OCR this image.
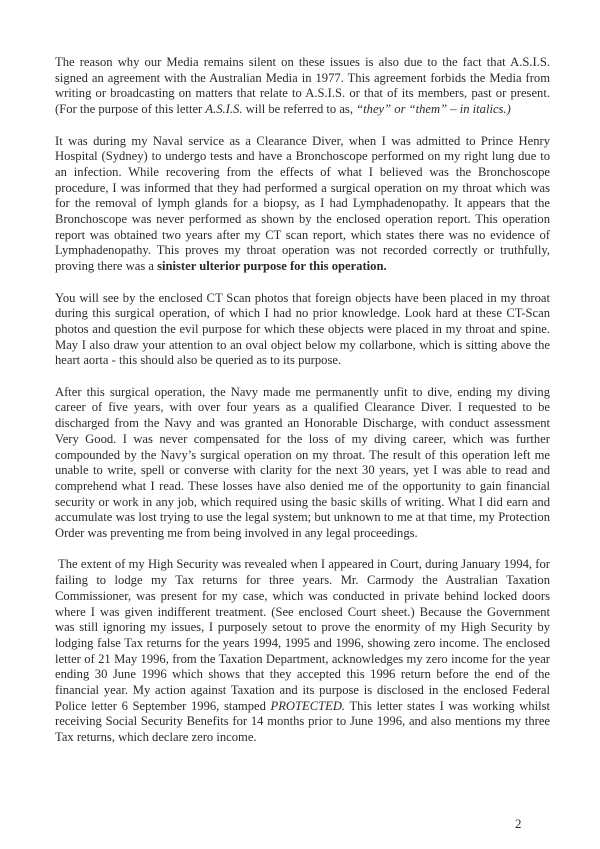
The reason why our Media remains silent on these issues is also due to the fact that A.S.I.S. signed an agreement with the Australian Media in 1977. This agreement forbids the Media from writing or broadcasting on matters that relate to A.S.I.S. or that of its members, past or present. (For the purpose of this letter A.S.I.S. will be referred to as, “they” or “them” – in italics.)

It was during my Naval service as a Clearance Diver, when I was admitted to Prince Henry Hospital (Sydney) to undergo tests and have a Bronchoscope performed on my right lung due to an infection. While recovering from the effects of what I believed was the Bronchoscope procedure, I was informed that they had performed a surgical operation on my throat which was for the removal of lymph glands for a biopsy, as I had Lymphadenopathy. It appears that the Bronchoscope was never performed as shown by the enclosed operation report. This operation report was obtained two years after my CT scan report, which states there was no evidence of Lymphadenopathy. This proves my throat operation was not recorded correctly or truthfully, proving there was a sinister ulterior purpose for this operation.

You will see by the enclosed CT Scan photos that foreign objects have been placed in my throat during this surgical operation, of which I had no prior knowledge. Look hard at these CT-Scan photos and question the evil purpose for which these objects were placed in my throat and spine. May I also draw your attention to an oval object below my collarbone, which is sitting above the heart aorta - this should also be queried as to its purpose.

After this surgical operation, the Navy made me permanently unfit to dive, ending my diving career of five years, with over four years as a qualified Clearance Diver. I requested to be discharged from the Navy and was granted an Honorable Discharge, with conduct assessment Very Good. I was never compensated for the loss of my diving career, which was further compounded by the Navy’s surgical operation on my throat. The result of this operation left me unable to write, spell or converse with clarity for the next 30 years, yet I was able to read and comprehend what I read. These losses have also denied me of the opportunity to gain financial security or work in any job, which required using the basic skills of writing. What I did earn and accumulate was lost trying to use the legal system; but unknown to me at that time, my Protection Order was preventing me from being involved in any legal proceedings.

The extent of my High Security was revealed when I appeared in Court, during January 1994, for failing to lodge my Tax returns for three years. Mr. Carmody the Australian Taxation Commissioner, was present for my case, which was conducted in private behind locked doors where I was given indifferent treatment. (See enclosed Court sheet.) Because the Government was still ignoring my issues, I purposely setout to prove the enormity of my High Security by lodging false Tax returns for the years 1994, 1995 and 1996, showing zero income. The enclosed letter of 21 May 1996, from the Taxation Department, acknowledges my zero income for the year ending 30 June 1996 which shows that they accepted this 1996 return before the end of the financial year. My action against Taxation and its purpose is disclosed in the enclosed Federal Police letter 6 September 1996, stamped PROTECTED. This letter states I was working whilst receiving Social Security Benefits for 14 months prior to June 1996, and also mentions my three Tax returns, which declare zero income.

2
